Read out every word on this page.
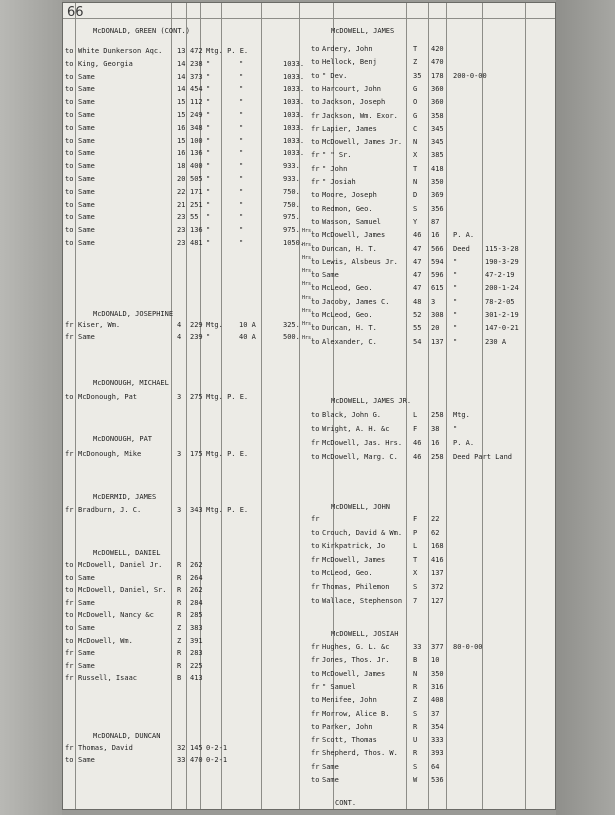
66
McDONALD, GREEN (CONT.)
to White Dunkerson Aqc. 13 472 Mtg. P. E.
to King, Georgia	14 238 "	"	1033.
to Same	14 373 "	"	1033.
to Same	14 454 "	"	1033.
to Same	15 112 "	"	1033.
to Same	15 249 "	"	1033.
to Same	16 348 "	"	1033.
to Same	15 100 "	"	1033.
to Same	16 136 "	"	1033.
to Same	18 400 "	"	933.
to Same	20 505 "	"	933.
to Same	22 171 "	"	750.
to Same	21 251 "	"	750.
to Same	23 55 "	"	975.
to Same	23 136 "	"	975.
to Same	23 481 "	"	1050.
McDONALD, JOSEPHINE
fr Kiser, Wm.	4 229 Mtg. 10 A	325.
fr Same	4 239 "	40 A	500.
McDONOUGH, MICHAEL
to McDonough, Pat	3 275 Mtg. P. E.
McDONOUGH, PAT
fr McDonough, Mike	3 175 Mtg. P. E.
McDERMID, JAMES
fr Bradburn, J. C.	3 343 Mtg. P. E.
McDOWELL, DANIEL
to McDowell, Daniel Jr. R 262
to Same	R 264
to McDowell, Daniel, Sr. R 262
fr Same	R 284
to McDowell, Nancy &c	R 285
to Same	Z 383
to McDowell, Wm.	Z 391
fr Same	R 283
fr Same	R 225
fr Russell, Isaac	B 413
McDONALD, DUNCAN
fr Thomas, David	32 145 0-2-1
to Same	33 470 0-2-1
McDOWELL, JAMES
to Ardery, John	T 420
to Hellock, Benj	Z 470
to " Dev.	35 178 200-0-00
to Harcourt, John	G 360
to Jackson, Joseph	O 360
fr Jackson, Wm. Exor. G 358
fr Lapier, James	C 345
to McDowell, James Jr. N 345
fr " " Sr.	X 385
fr " John	T 418
fr " Josiah	N 350
to Moore, Joseph	D 369
to Redmon, Geo.	S 356
to Wasson, Samuel	Y 87
Hrs.
to McDowell, James	46 16 P. A.
Hrs.
to Duncan, H. T.	47 566 Deed 115-3-28
Hrs.
to Lewis, Alsbeus Jr. 47 594 "	190-3-29
Hrs.
to Same	47 596 "	47-2-19
Hrs.
to McLeod, Geo.	47 615 "	200-1-24
Hrs.
to Jacoby, James C.	48 3	"	78-2-05
Hrs.
to McLeod, Geo.	52 308 "	301-2-19
Hrs.
to Duncan, H. T.	55 20 "	147-0-21
Hrs.
to Alexander, C.	54 137 "	230 A
McDOWELL, JAMES JR.
to Black, John G.	L 258 Mtg.
to Wright, A. H. &c	F 38 "
fr McDowell, Jas. Hrs. 46 16 P. A.
to McDowell, Marg. C. 46 258 Deed Part Land
McDOWELL, JOHN
fr	F 22
to Crouch, David & Wm. P 62
to Kirkpatrick, Jo	L 168
fr McDowell, James	T 416
to McLeod, Geo.	X 137
fr Thomas, Philemon	S 372
to Wallace, Stephenson 7 127
McDOWELL, JOSIAH
fr Hughes, G. L. &c	33 377 80-0-00
fr Jones, Thos. Jr.	B 10
to McDowell, James	N 350
fr " Samuel	R 316
to Menifee, John	Z 408
fr Morrow, Alice B.	S 37
to Parker, John	R 354
fr Scott, Thomas	U 333
fr Shepherd, Thos. W. R 393
fr Same	S 64
to Same	W 536
CONT.
